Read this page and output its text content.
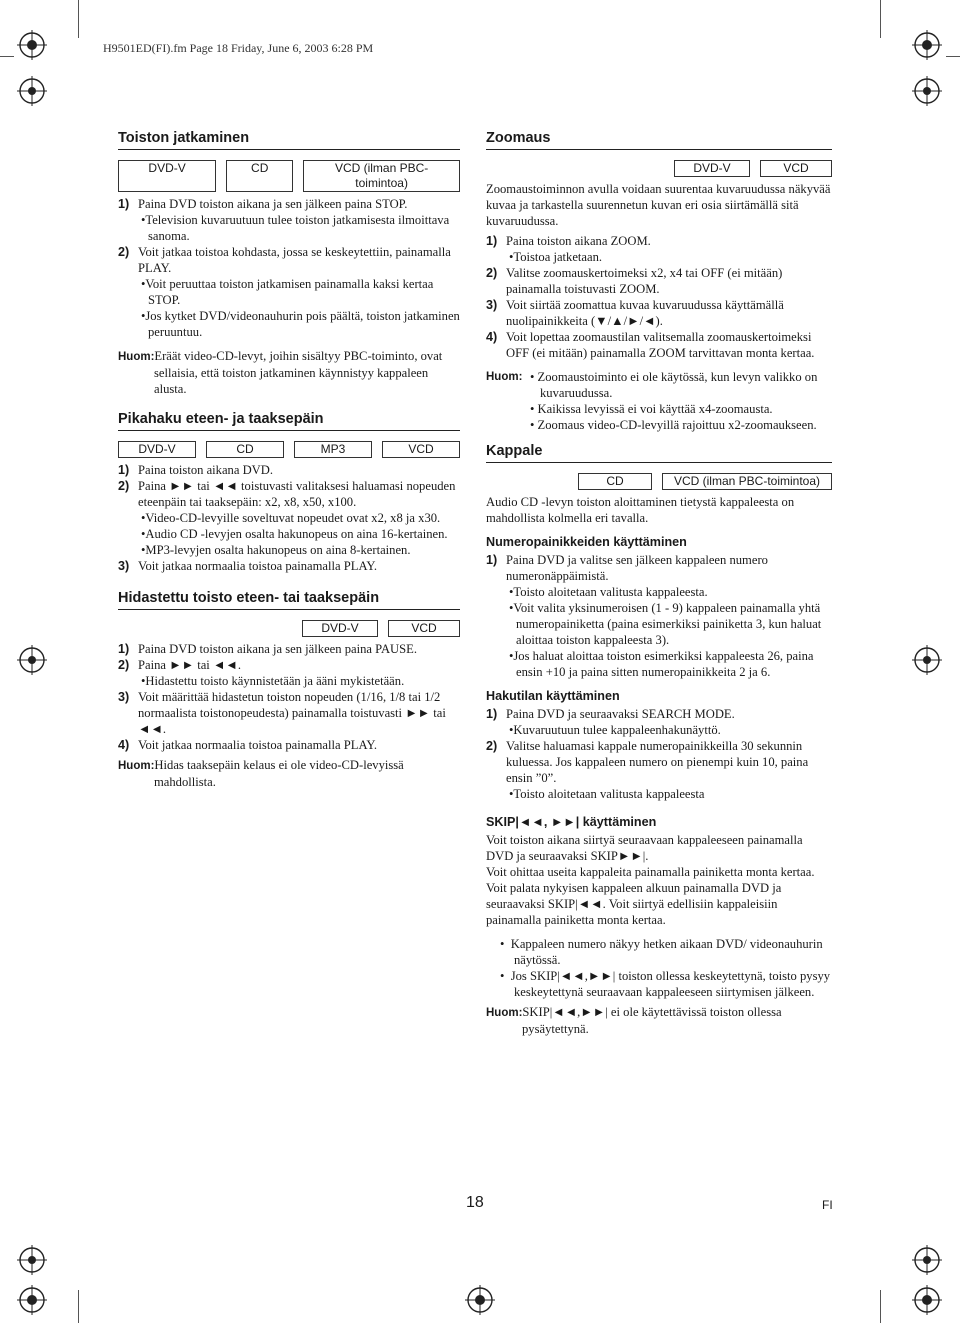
H9501ED(FI).fm Page 18 Friday, June 6, 2003 6:28 PM
Toiston jatkaminen
DVD-V	CD	VCD (ilman PBC-toimintoa)
1) Paina DVD toiston aikana ja sen jälkeen paina STOP.
•Television kuvaruutuun tulee toiston jatkamisesta ilmoittava sanoma.
2) Voit jatkaa toistoa kohdasta, jossa se keskeytettiin, painamalla PLAY.
•Voit peruuttaa toiston jatkamisen painamalla kaksi kertaa STOP.
•Jos kytket DVD/videonauhurin pois päältä, toiston jatkaminen peruuntuu.
Huom:Eräät video-CD-levyt, joihin sisältyy PBC-toiminto, ovat sellaisia, että toiston jatkaminen käynnistyy kappaleen alusta.
Pikahaku eteen- ja taaksepäin
DVD-V	CD	MP3	VCD
1) Paina toiston aikana DVD.
2) Paina ►► tai ◄◄ toistuvasti valitaksesi haluamasi nopeuden eteenpäin tai taaksepäin: x2, x8, x50, x100.
•Video-CD-levyille soveltuvat nopeudet ovat x2, x8 ja x30.
•Audio CD -levyjen osalta hakunopeus on aina 16-kertainen.
•MP3-levyjen osalta hakunopeus on aina 8-kertainen.
3) Voit jatkaa normaalia toistoa painamalla PLAY.
Hidastettu toisto eteen- tai taaksepäin
DVD-V	VCD
1) Paina DVD toiston aikana ja sen jälkeen paina PAUSE.
2) Paina ►► tai ◄◄.
•Hidastettu toisto käynnistetään ja ääni mykistetään.
3) Voit määrittää hidastetun toiston nopeuden (1/16, 1/8 tai 1/2 normaalista toistonopeudesta) painamalla toistuvasti ►► tai ◄◄.
4) Voit jatkaa normaalia toistoa painamalla PLAY.
Huom:Hidas taaksepäin kelaus ei ole video-CD-levyissä mahdollista.
Zoomaus
DVD-V	VCD
Zoomaustoiminnon avulla voidaan suurentaa kuvaruudussa näkyvää kuvaa ja tarkastella suurennetun kuvan eri osia siirtämällä sitä kuvaruudussa.
1) Paina toiston aikana ZOOM.
•Toistoa jatketaan.
2) Valitse zoomauskertoimeksi x2, x4 tai OFF (ei mitään) painamalla toistuvasti ZOOM.
3) Voit siirtää zoomattua kuvaa kuvaruudussa käyttämällä nuolipainikkeita (▼/▲/►/◄).
4) Voit lopettaa zoomaustilan valitsemalla zoomauskertoimeksi OFF (ei mitään) painamalla ZOOM tarvittavan monta kertaa.
Huom: • Zoomaustoiminto ei ole käytössä, kun levyn valikko on kuvaruudussa.
• Kaikissa levyissä ei voi käyttää x4-zoomausta.
• Zoomaus video-CD-levyillä rajoittuu x2-zoomaukseen.
Kappale
CD	VCD (ilman PBC-toimintoa)
Audio CD -levyn toiston aloittaminen tietystä kappaleesta on mahdollista kolmella eri tavalla.
Numeropainikkeiden käyttäminen
1) Paina DVD ja valitse sen jälkeen kappaleen numero numeronäppäimistä.
•Toisto aloitetaan valitusta kappaleesta.
•Voit valita yksinumeroisen (1 - 9) kappaleen painamalla yhtä numeropainiketta (paina esimerkiksi painiketta 3, kun haluat aloittaa toiston kappaleesta 3).
•Jos haluat aloittaa toiston esimerkiksi kappaleesta 26, paina ensin +10 ja paina sitten numeropainikkeita 2 ja 6.
Hakutilan käyttäminen
1) Paina DVD ja seuraavaksi SEARCH MODE.
•Kuvaruutuun tulee kappaleenhakunäyttö.
2) Valitse haluamasi kappale numeropainikkeilla 30 sekunnin kuluessa. Jos kappaleen numero on pienempi kuin 10, paina ensin ”0”.
•Toisto aloitetaan valitusta kappaleesta
SKIP|◄◄, ►►| käyttäminen
Voit toiston aikana siirtyä seuraavaan kappaleeseen painamalla DVD ja seuraavaksi SKIP►►|.
Voit ohittaa useita kappaleita painamalla painiketta monta kertaa. Voit palata nykyisen kappaleen alkuun painamalla DVD ja seuraavaksi SKIP|◄◄. Voit siirtyä edellisiin kappaleisiin painamalla painiketta monta kertaa.
•  Kappaleen numero näkyy hetken aikaan DVD/ videonauhurin näytössä.
•  Jos SKIP|◄◄,►►| toiston ollessa keskeytettynä, toisto pysyy keskeytettynä seuraavaan kappaleeseen siirtymisen jälkeen.
Huom:SKIP|◄◄,►►| ei ole käytettävissä toiston ollessa pysäytettynä.
18	FI
